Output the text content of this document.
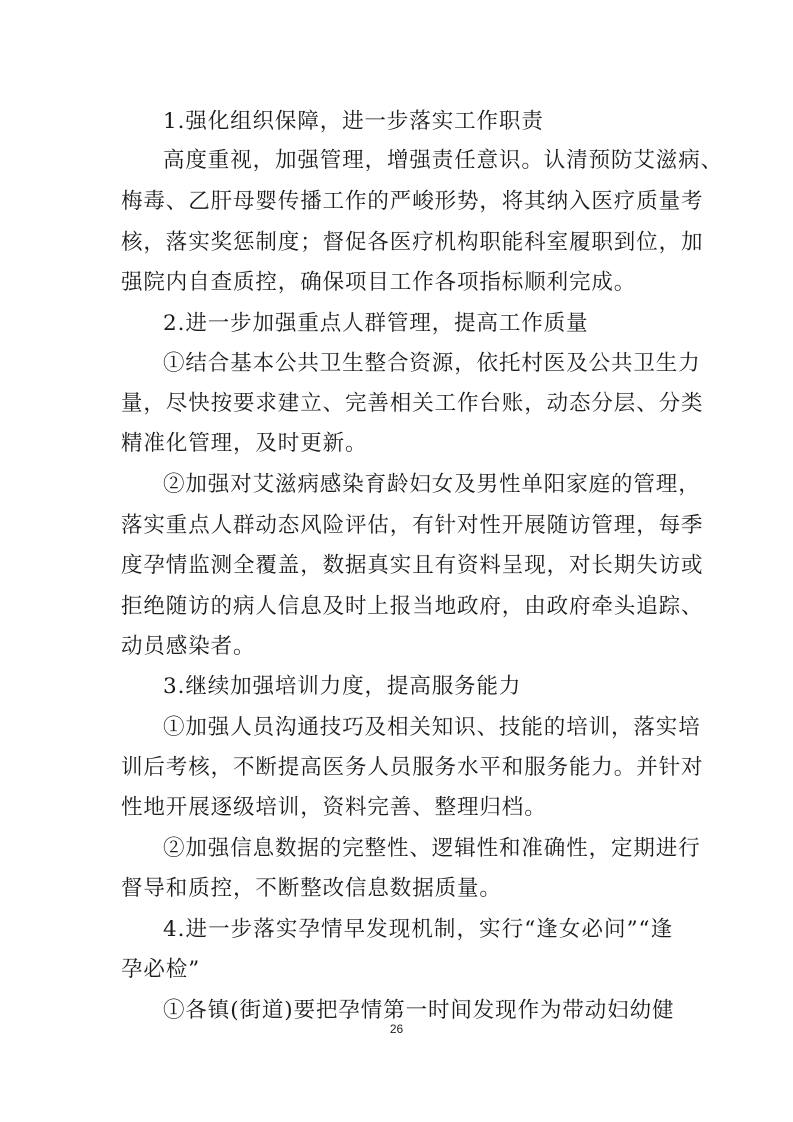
1.强化组织保障，进一步落实工作职责

高度重视，加强管理，增强责任意识。认清预防艾滋病、

梅毒、乙肝母婴传播工作的严峻形势，将其纳入医疗质量考

核，落实奖惩制度；督促各医疗机构职能科室履职到位，加

强院内自查质控，确保项目工作各项指标顺利完成。

2.进一步加强重点人群管理，提高工作质量

①结合基本公共卫生整合资源，依托村医及公共卫生力

量，尽快按要求建立、完善相关工作台账，动态分层、分类

精准化管理，及时更新。

②加强对艾滋病感染育龄妇女及男性单阳家庭的管理，

落实重点人群动态风险评估，有针对性开展随访管理，每季

度孕情监测全覆盖，数据真实且有资料呈现，对长期失访或

拒绝随访的病人信息及时上报当地政府，由政府牵头追踪、

动员感染者。

3.继续加强培训力度，提高服务能力

①加强人员沟通技巧及相关知识、技能的培训，落实培

训后考核，不断提高医务人员服务水平和服务能力。并针对

性地开展逐级培训，资料完善、整理归档。

②加强信息数据的完整性、逻辑性和准确性，定期进行

督导和质控，不断整改信息数据质量。

4.进一步落实孕情早发现机制，实行“逢女必问”“逢

孕必检”

①各镇(街道)要把孕情第一时间发现作为带动妇幼健

26
